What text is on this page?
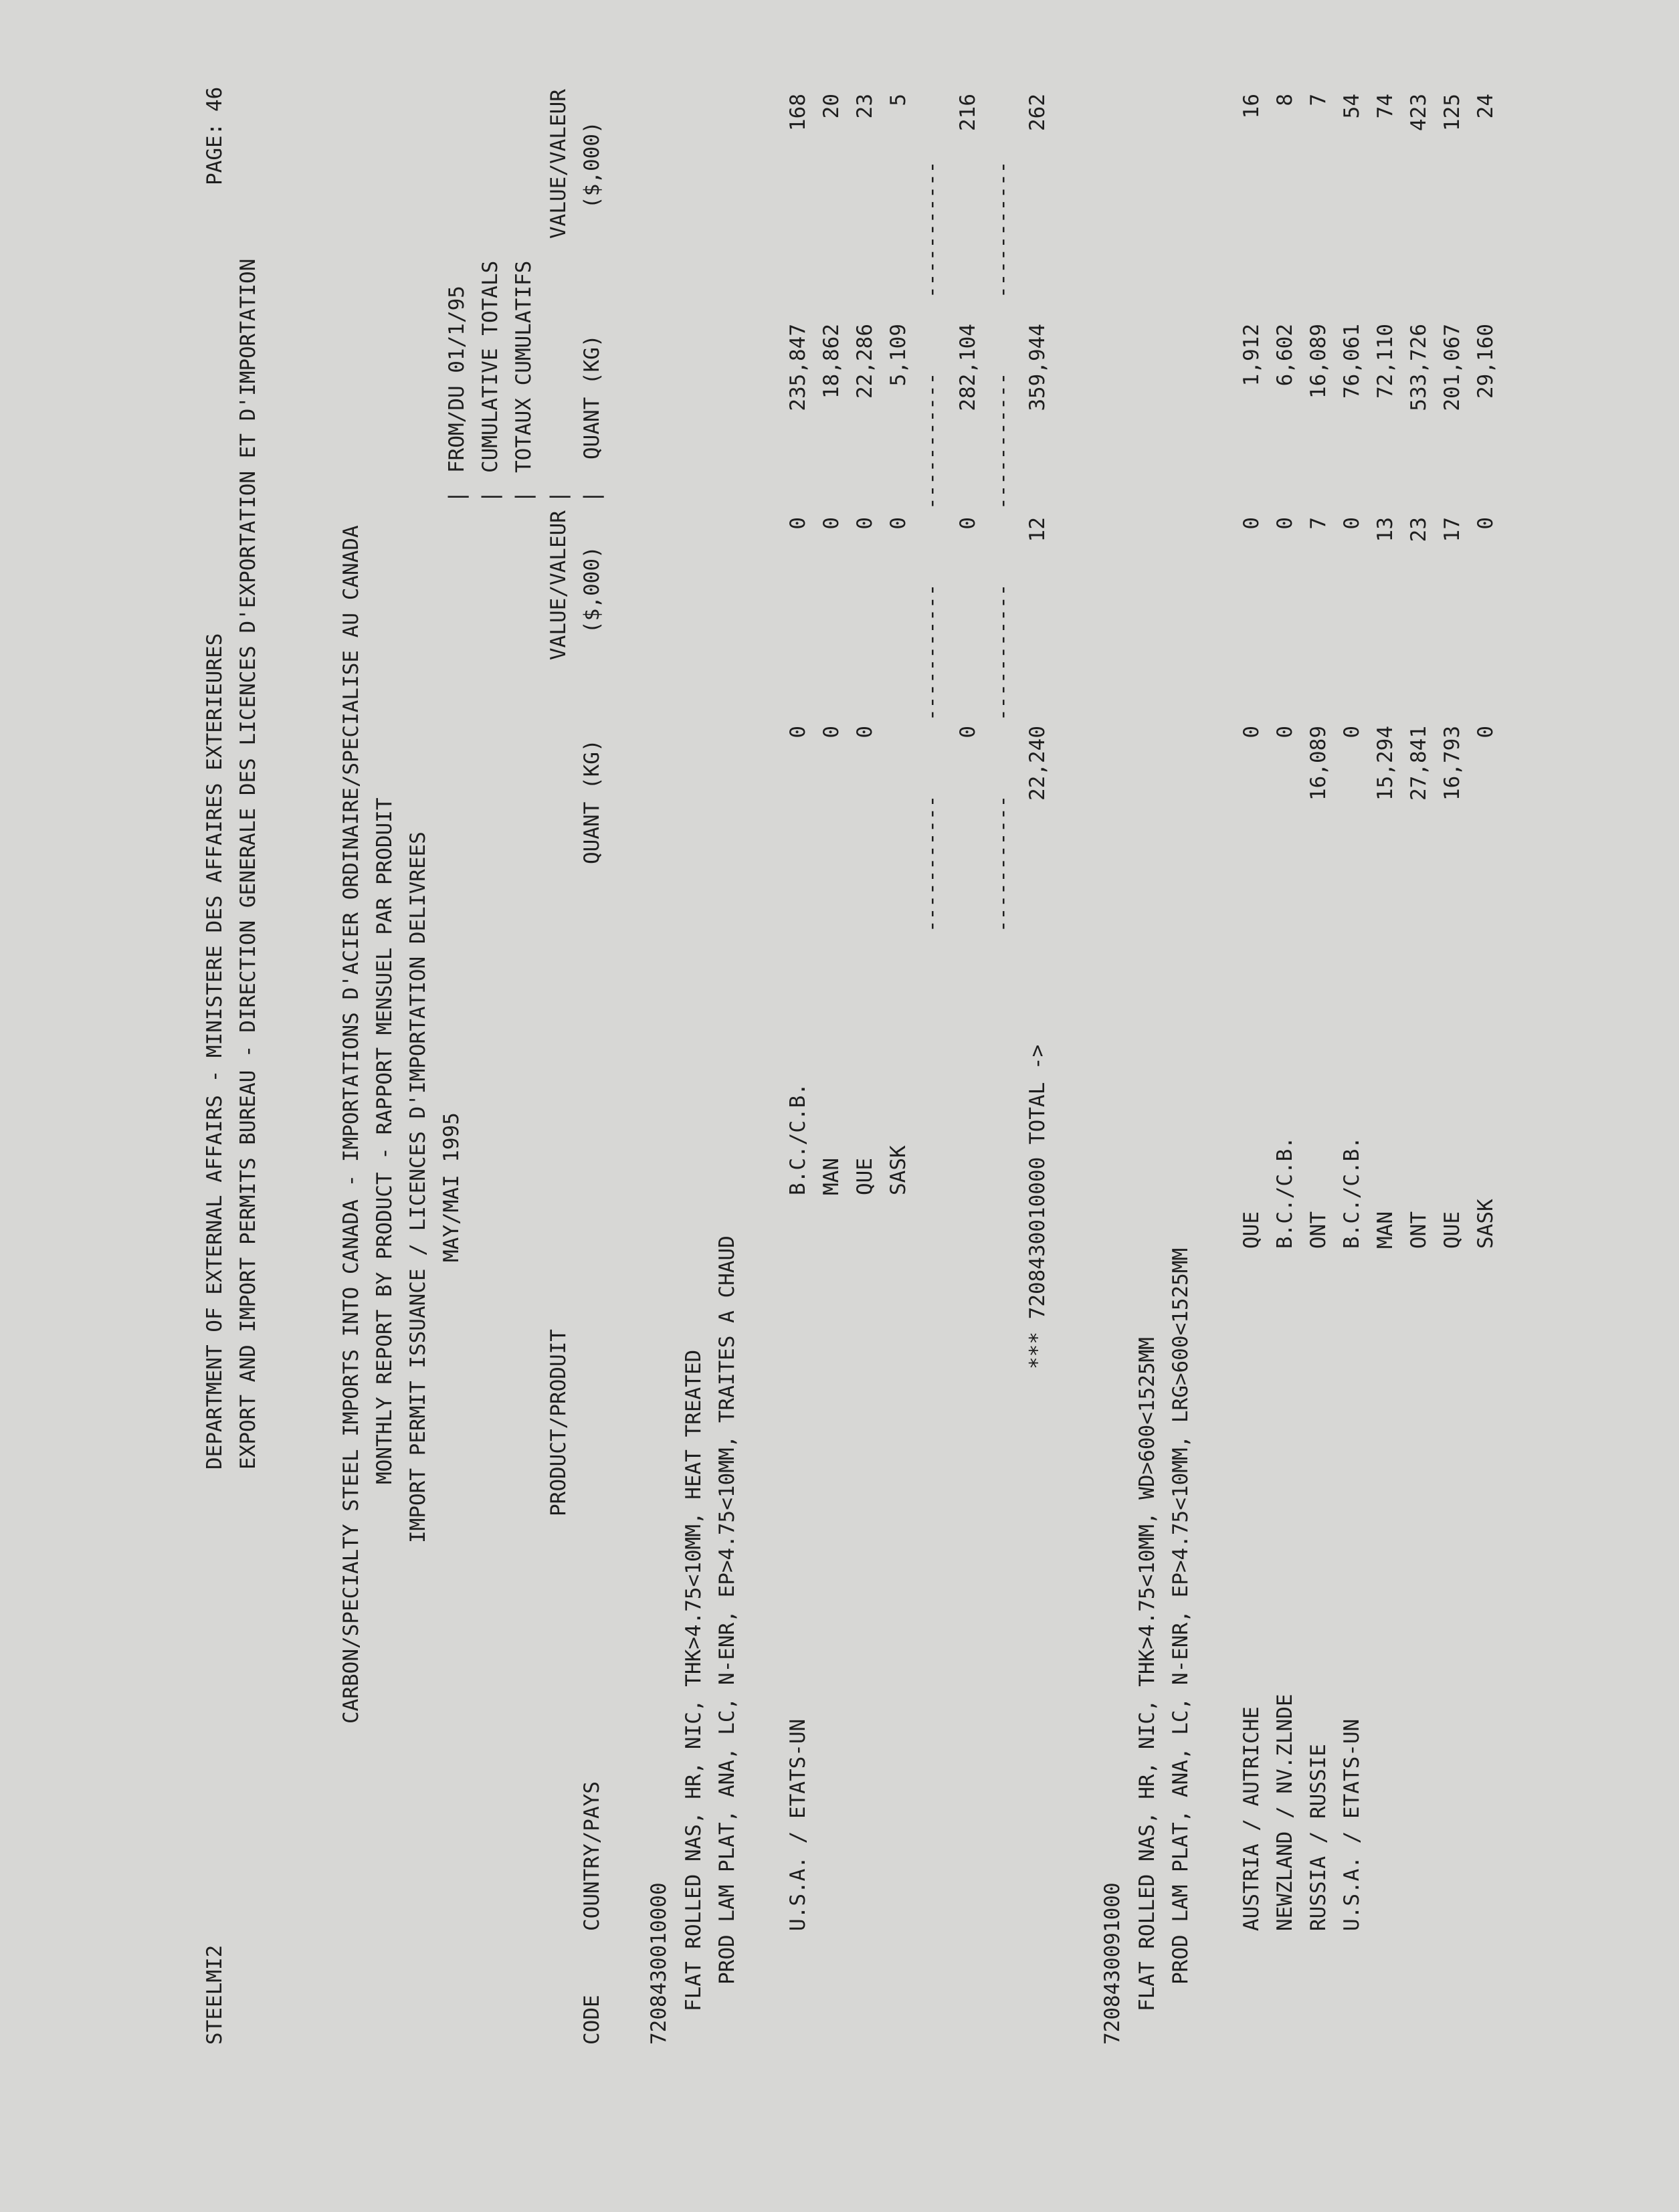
STEELMI2
DEPARTMENT OF EXTERNAL AFFAIRS - MINISTERE DES AFFAIRES EXTERIEURES
PAGE:
46
EXPORT AND IMPORT PERMITS BUREAU - DIRECTION GENERALE DES LICENCES D'EXPORTATION ET D'IMPORTATION	CARBON/SPECIALTY STEEL IMPORTS INTO CANADA - IMPORTATIONS D'ACIER ORDINAIRE/SPECIALISE AU CANADA MONTHLY REPORT BY PRODUCT - RAPPORT MENSUEL PAR PRODUIT IMPORT PERMIT ISSUANCE / LICENCES D'IMPORTATION DELIVREES MAY/MAI 1995
|
FROM/DU 01/1/95
|
CUMULATIVE TOTALS
|
TOTAUX CUMULATIFS
PRODUCT/PRODUIT
VALUE/VALEUR
|
VALUE/VALEUR
CODE
COUNTRY/PAYS
QUANT (KG)
($,000)
|
QUANT (KG)
($,000)
7208430010000 FLAT ROLLED NAS, HR, NIC, THK>4.75<10MM, HEAT TREATED PROD LAM PLAT, ANA, LC, N-ENR, EP>4.75<10MM, TRAITES A CHAUD U.S.A. / ETATS-UN
B.C./C.B.
0
0
235,847
168
MAN
0
0
18,862
20
QUE
0
0
22,286
23
SASK
0
5,109
5
-----------
-----------
-----------
-----------
0
0
282,104
216
-----------
-----------
-----------
-----------
*** 7208430010000 TOTAL ->
22,240
12
359,944
262
7208430091000 FLAT ROLLED NAS, HR, NIC, THK>4.75<10MM, WD>600<1525MM PROD LAM PLAT, ANA, LC, N-ENR, EP>4.75<10MM, LRG>600<1525MM AUSTRIA / AUTRICHE
QUE
0
0
1,912
16
NEWZLAND / NV.ZLNDE
B.C./C.B.
0
0
6,602
8
RUSSIA / RUSSIE
ONT
16,089
7
16,089
7
U.S.A. / ETATS-UN
B.C./C.B.
0
0
76,061
54
MAN
15,294
13
72,110
74
ONT
27,841
23
533,726
423
QUE
16,793
17
201,067
125
SASK
0
0
29,160
24
